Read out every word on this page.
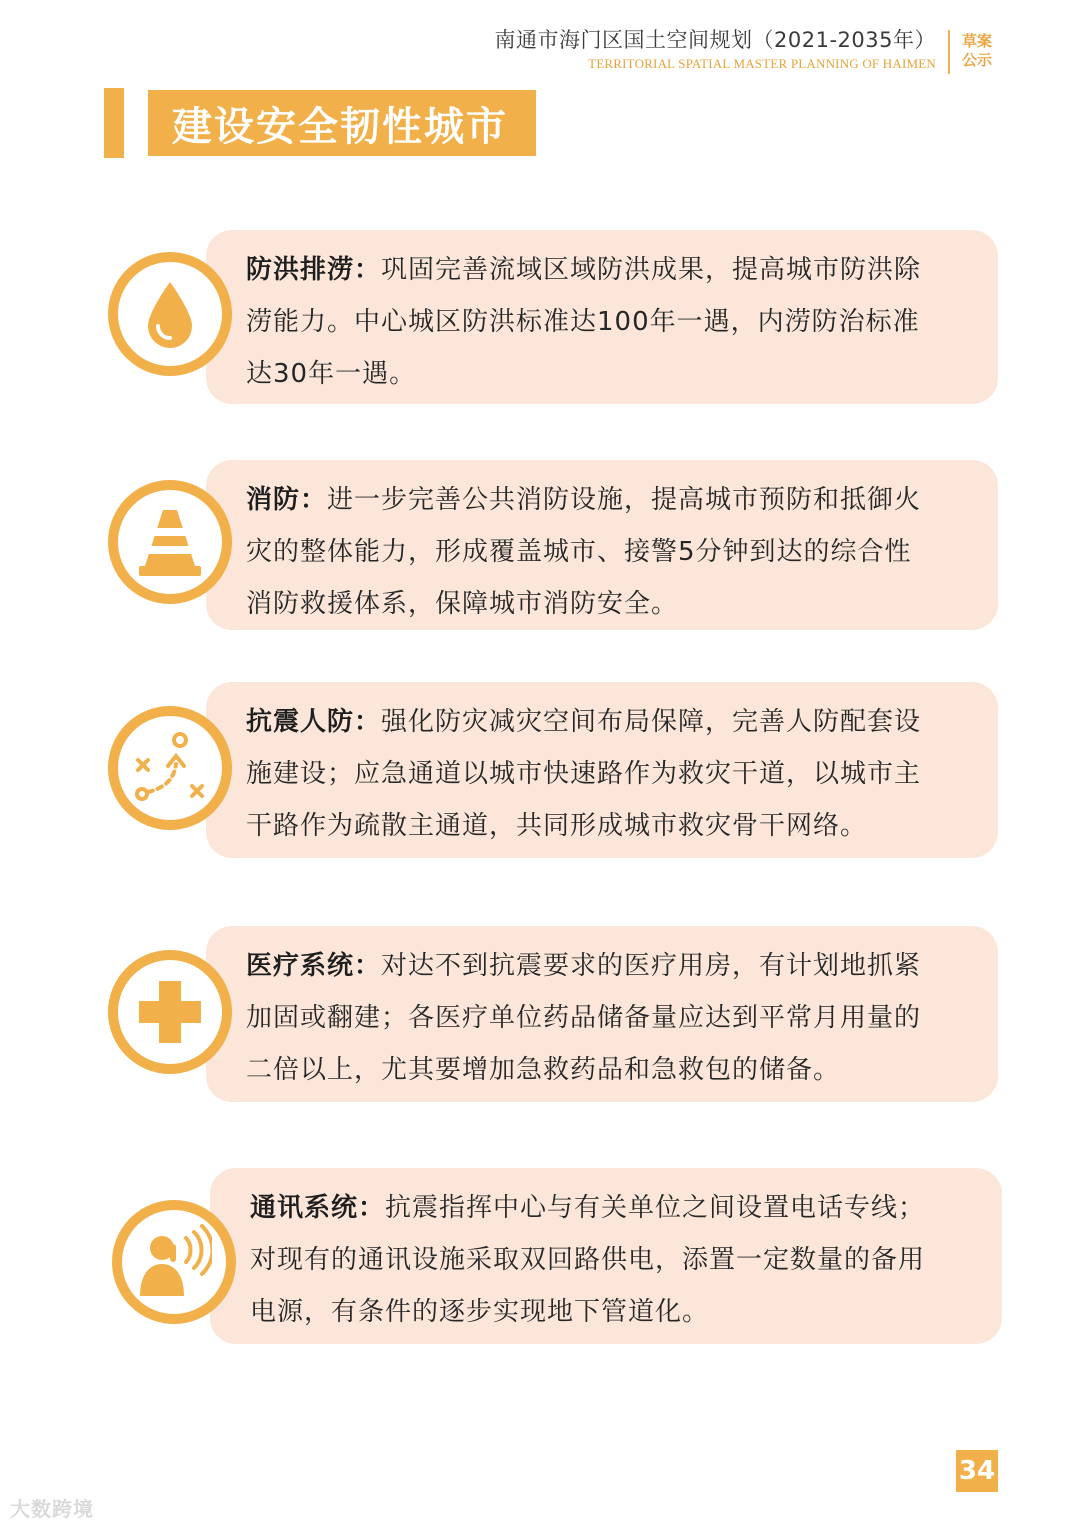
南通市海门区国土空间规划（2021-2035年）
TERRITORIAL SPATIAL MASTER PLANNING OF HAIMEN
草案
公示
建设安全韧性城市

防洪排涝：巩固完善流域区域防洪成果，提高城市防洪除

涝能力。中心城区防洪标准达100年一遇，内涝防治标准

达30年一遇。

消防：进一步完善公共消防设施，提高城市预防和抵御火

灾的整体能力，形成覆盖城市、接警5分钟到达的综合性

消防救援体系，保障城市消防安全。

抗震人防：强化防灾减灾空间布局保障，完善人防配套设

施建设；应急通道以城市快速路作为救灾干道，以城市主

干路作为疏散主通道，共同形成城市救灾骨干网络。

医疗系统：对达不到抗震要求的医疗用房，有计划地抓紧

加固或翻建；各医疗单位药品储备量应达到平常月用量的

二倍以上，尤其要增加急救药品和急救包的储备。

通讯系统：抗震指挥中心与有关单位之间设置电话专线；

对现有的通讯设施采取双回路供电，添置一定数量的备用

电源，有条件的逐步实现地下管道化。

34
大数跨境
